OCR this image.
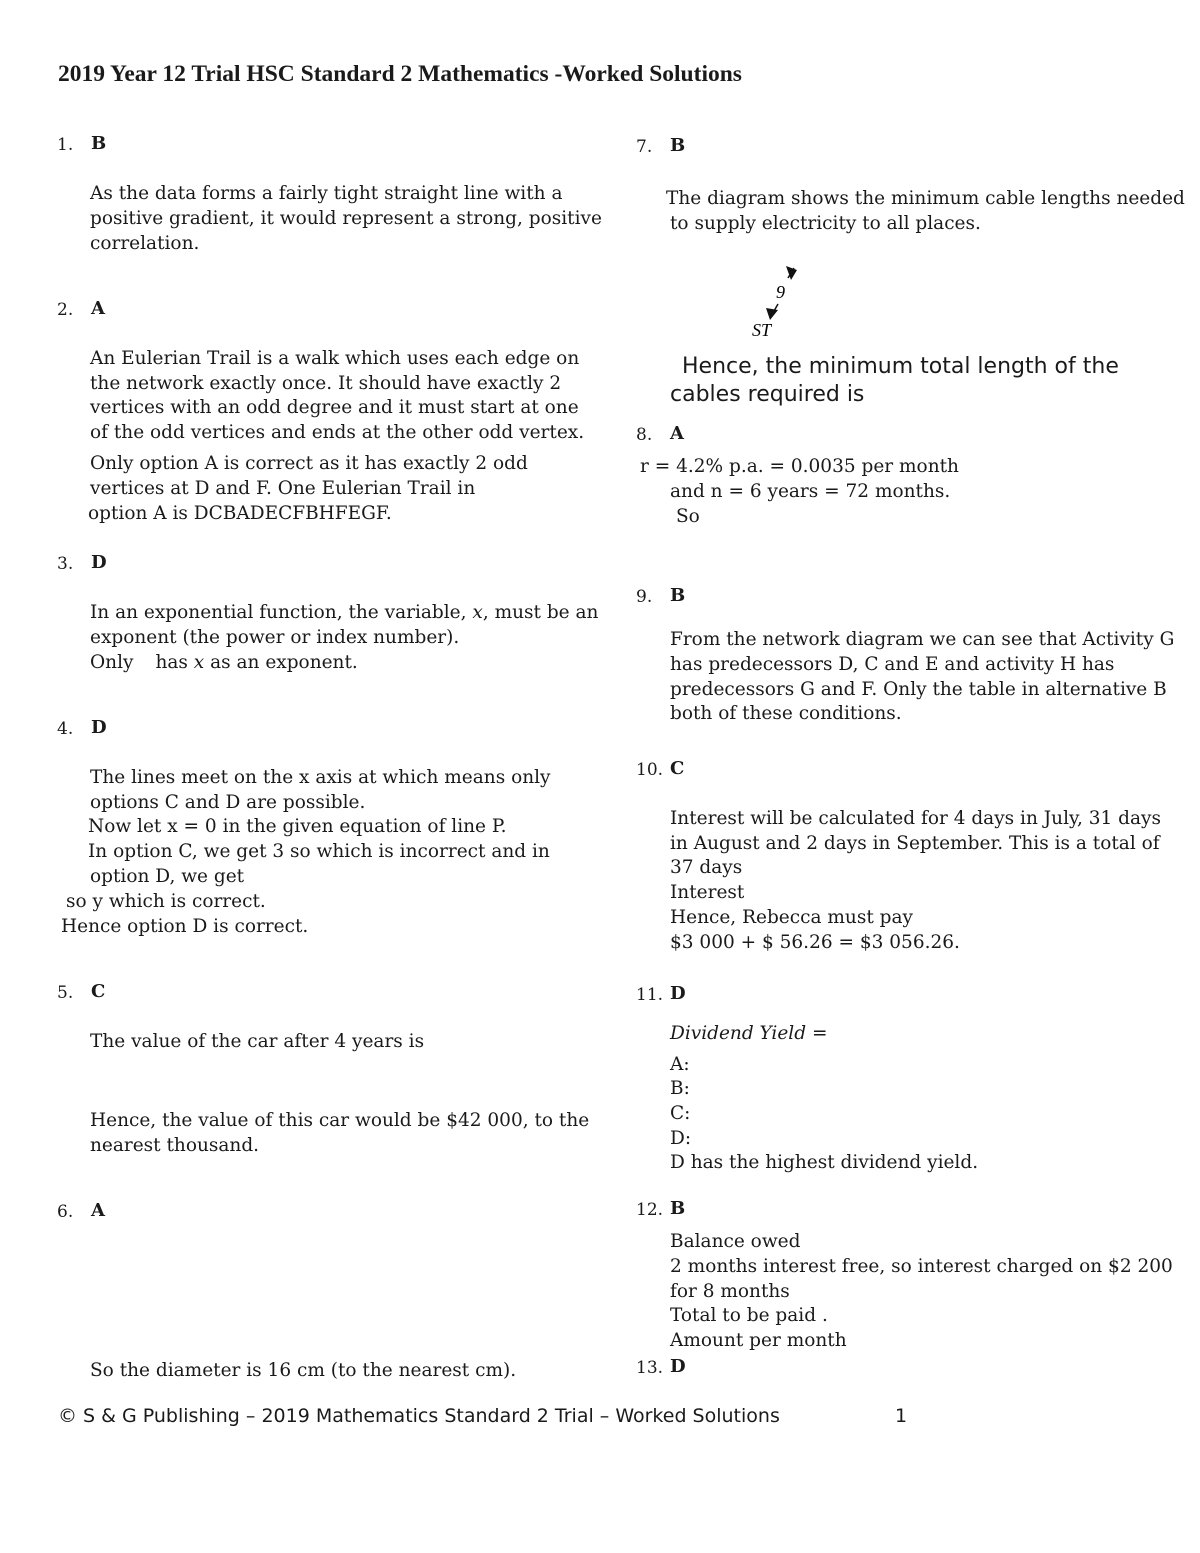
2019 Year 12 Trial HSC Standard 2 Mathematics -Worked Solutions
1. B
As the data forms a fairly tight straight line with a
positive gradient, it would represent a strong, positive
correlation.
2. A
An Eulerian Trail is a walk which uses each edge on
the network exactly once. It should have exactly 2
vertices with an odd degree and it must start at one
of the odd vertices and ends at the other odd vertex.
Only option A is correct as it has exactly 2 odd
vertices at D and F. One Eulerian Trail in
option A is DCBADECFBHFEGF.
3. D
In an exponential function, the variable, x, must be an
exponent (the power or index number).
Only has x as an exponent.
4. D
The lines meet on the x axis at which means only
options C and D are possible.
Now let x = 0 in the given equation of line P.
In option C, we get 3 so which is incorrect and in
option D, we get
so y which is correct.
Hence option D is correct.
5. C
The value of the car after 4 years is
Hence, the value of this car would be $42 000, to the
nearest thousand.
6. A
So the diameter is 16 cm (to the nearest cm).
7. B
The diagram shows the minimum cable lengths needed
to supply electricity to all places.
9
ST
Hence, the minimum total length of the
cables required is
8. A
r = 4.2% p.a. = 0.0035 per month
and n = 6 years = 72 months.
So
9. B
From the network diagram we can see that Activity G
has predecessors D, C and E and activity H has
predecessors G and F. Only the table in alternative B
both of these conditions.
10. C
Interest will be calculated for 4 days in July, 31 days
in August and 2 days in September. This is a total of
37 days
Interest
Hence, Rebecca must pay
$3 000 + $ 56.26 = $3 056.26.
11. D
Dividend Yield =
A:
B:
C:
D:
D has the highest dividend yield.
12. B
Balance owed
2 months interest free, so interest charged on $2 200
for 8 months
Total to be paid .
Amount per month
13. D
© S & G Publishing – 2019 Mathematics Standard 2 Trial – Worked Solutions	1
